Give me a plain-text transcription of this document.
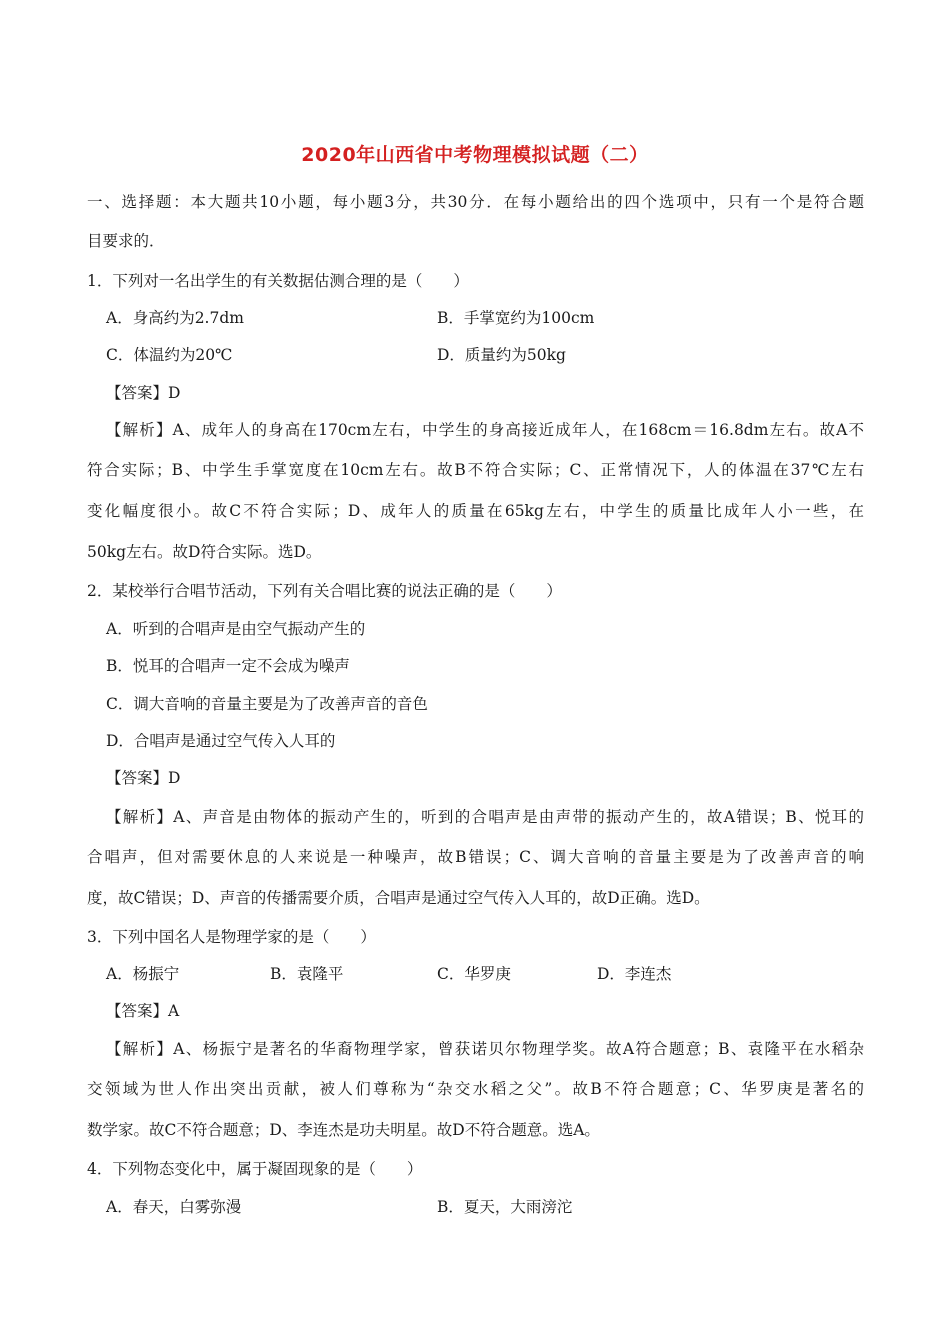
2020年山西省中考物理模拟试题（二）
一、选择题：本大题共10小题，每小题3分，共30分．在每小题给出的四个选项中，只有一个是符合题
目要求的．
1．下列对一名出学生的有关数据估测合理的是（　　）
A．身高约为2.7dm	B．手掌宽约为100cm
C．体温约为20℃	D．质量约为50kg
【答案】D
【解析】A、成年人的身高在170cm左右，中学生的身高接近成年人，在168cm＝16.8dm左右。故A不
符合实际；B、中学生手掌宽度在10cm左右。故B不符合实际；C、正常情况下，人的体温在37℃左右
变化幅度很小。故C不符合实际；D、成年人的质量在65kg左右，中学生的质量比成年人小一些，在
50kg左右。故D符合实际。选D。
2．某校举行合唱节活动，下列有关合唱比赛的说法正确的是（　　）
A．听到的合唱声是由空气振动产生的
B．悦耳的合唱声一定不会成为噪声
C．调大音响的音量主要是为了改善声音的音色
D．合唱声是通过空气传入人耳的
【答案】D
【解析】A、声音是由物体的振动产生的，听到的合唱声是由声带的振动产生的，故A错误；B、悦耳的
合唱声，但对需要休息的人来说是一种噪声，故B错误；C、调大音响的音量主要是为了改善声音的响
度，故C错误；D、声音的传播需要介质，合唱声是通过空气传入人耳的，故D正确。选D。
3．下列中国名人是物理学家的是（　　）
A．杨振宁	B．袁隆平	C．华罗庚	D．李连杰
【答案】A
【解析】A、杨振宁是著名的华裔物理学家，曾获诺贝尔物理学奖。故A符合题意；B、袁隆平在水稻杂
交领域为世人作出突出贡献，被人们尊称为“杂交水稻之父”。故B不符合题意；C、华罗庚是著名的
数学家。故C不符合题意；D、李连杰是功夫明星。故D不符合题意。选A。
4．下列物态变化中，属于凝固现象的是（　　）
A．春天，白雾弥漫	B．夏天，大雨滂沱
